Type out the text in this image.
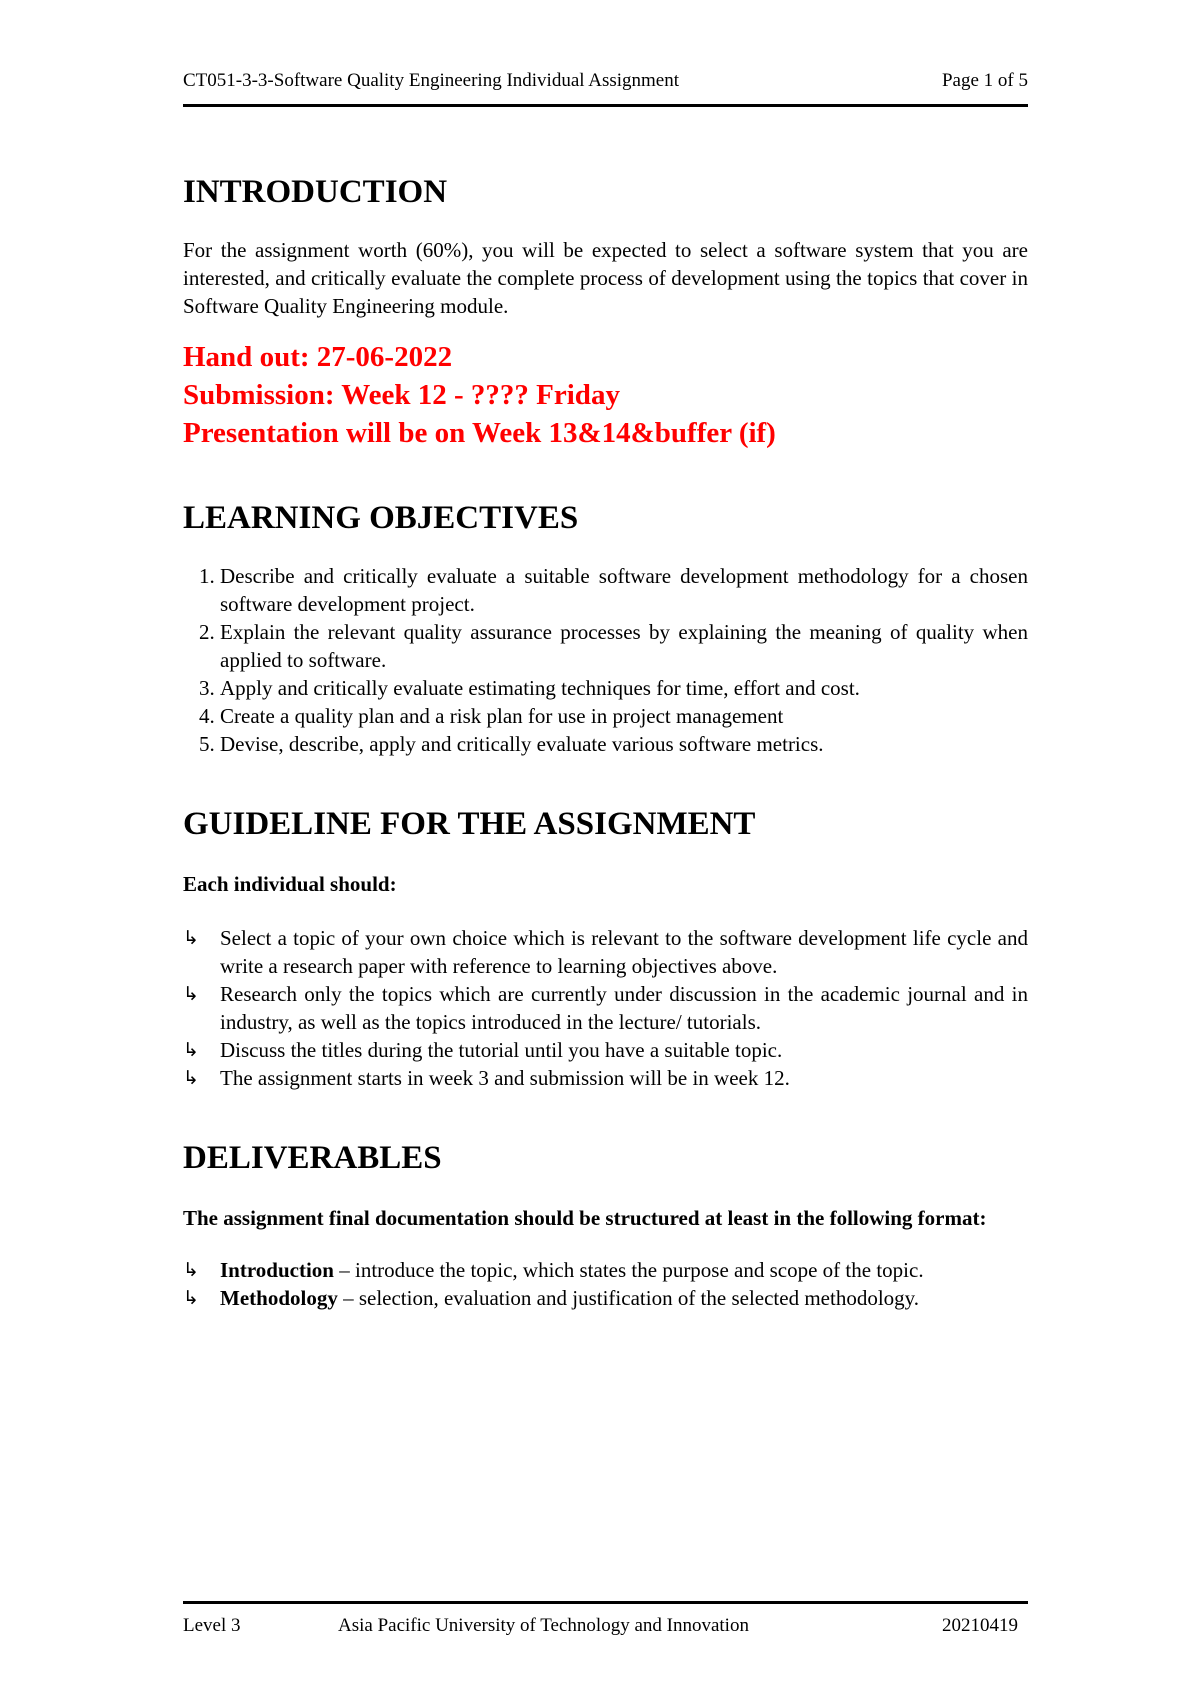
CT051-3-3-Software Quality Engineering Individual Assignment	Page 1 of 5
INTRODUCTION

For the assignment worth (60%), you will be expected to select a software system that you are interested, and critically evaluate the complete process of development using the topics that cover in Software Quality Engineering module.

Hand out: 27-06-2022
Submission: Week 12 - ???? Friday
Presentation will be on Week 13&14&buffer (if)
LEARNING OBJECTIVES
1. Describe and critically evaluate a suitable software development methodology for a chosen software development project.
2. Explain the relevant quality assurance processes by explaining the meaning of quality when applied to software.
3. Apply and critically evaluate estimating techniques for time, effort and cost.
4. Create a quality plan and a risk plan for use in project management
5. Devise, describe, apply and critically evaluate various software metrics.
GUIDELINE FOR THE ASSIGNMENT

Each individual should:

↳ Select a topic of your own choice which is relevant to the software development life cycle and write a research paper with reference to learning objectives above.
↳ Research only the topics which are currently under discussion in the academic journal and in industry, as well as the topics introduced in the lecture/ tutorials.
↳ Discuss the titles during the tutorial until you have a suitable topic.
↳ The assignment starts in week 3 and submission will be in week 12.
DELIVERABLES

The assignment final documentation should be structured at least in the following format:

↳ Introduction – introduce the topic, which states the purpose and scope of the topic.
↳ Methodology – selection, evaluation and justification of the selected methodology.
Level 3	Asia Pacific University of Technology and Innovation	20210419
